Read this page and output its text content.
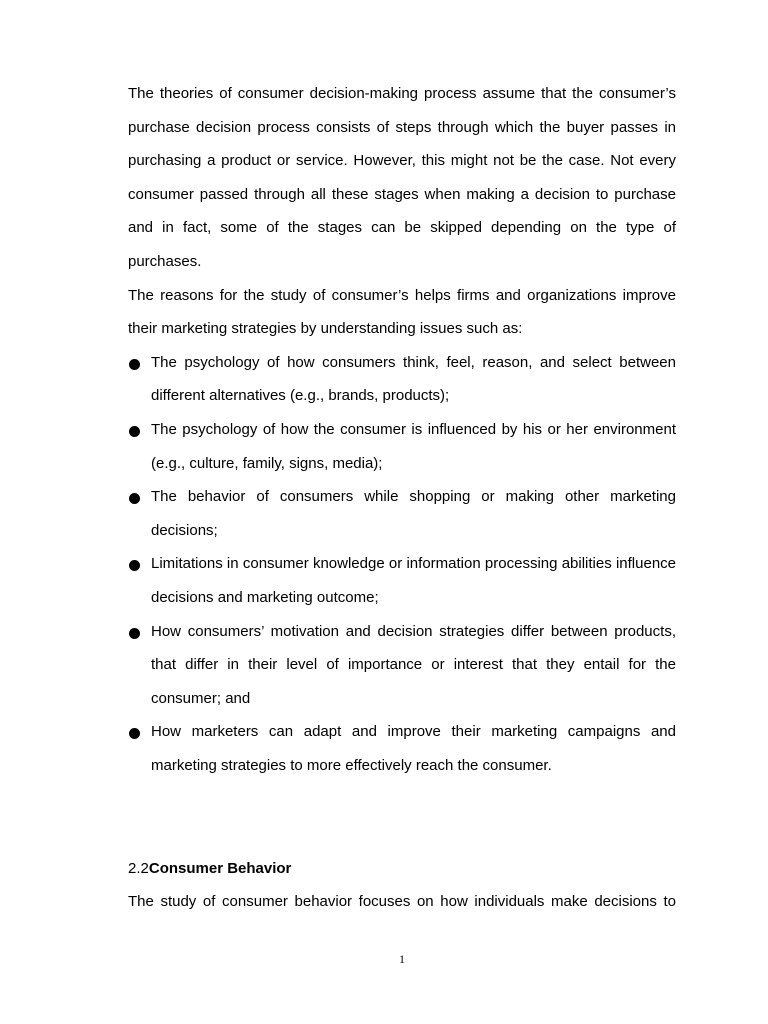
The theories of consumer decision-making process assume that the consumer’s purchase decision process consists of steps through which the buyer passes in purchasing a product or service. However, this might not be the case. Not every consumer passed through all these stages when making a decision to purchase and in fact, some of the stages can be skipped depending on the type of purchases.

The reasons for the study of consumer’s helps firms and organizations improve their marketing strategies by understanding issues such as:

The psychology of how consumers think, feel, reason, and select between different alternatives (e.g., brands, products);
The psychology of how the consumer is influenced by his or her environment (e.g., culture, family, signs, media);
The behavior of consumers while shopping or making other marketing decisions;
Limitations in consumer knowledge or information processing abilities influence decisions and marketing outcome;
How consumers’ motivation and decision strategies differ between products, that differ in their level of importance or interest that they entail for the consumer; and
How marketers can adapt and improve their marketing campaigns and marketing strategies to more effectively reach the consumer.

2.2Consumer Behavior

The study of consumer behavior focuses on how individuals make decisions to

1
